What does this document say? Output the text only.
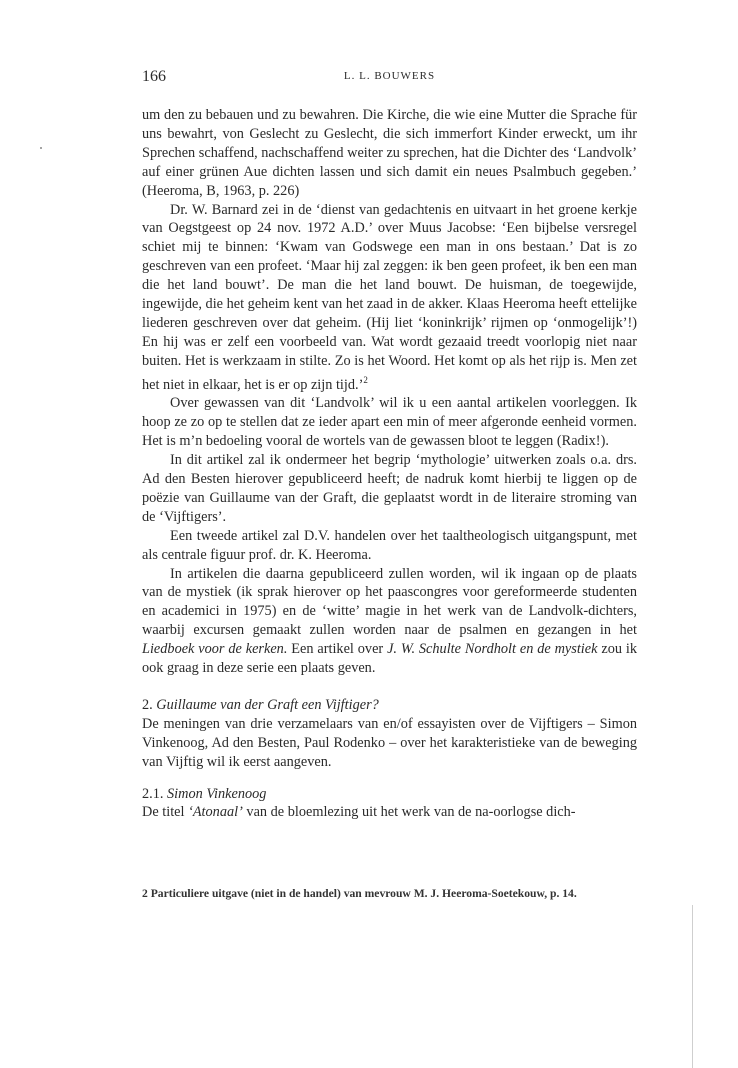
166	L. L. BOUWERS

um den zu bebauen und zu bewahren. Die Kirche, die wie eine Mutter die Sprache für uns bewahrt, von Geslecht zu Geslecht, die sich immerfort Kinder erweckt, um ihr Sprechen schaffend, nachschaffend weiter zu sprechen, hat die Dichter des ‘Landvolk’ auf einer grünen Aue dichten lassen und sich damit ein neues Psalmbuch gegeben.’ (Heeroma, B, 1963, p. 226)

Dr. W. Barnard zei in de ‘dienst van gedachtenis en uitvaart in het groene kerkje van Oegstgeest op 24 nov. 1972 A.D.’ over Muus Jacobse: ‘Een bijbelse versregel schiet mij te binnen: ‘Kwam van Godswege een man in ons bestaan.’ Dat is zo geschreven van een profeet. ‘Maar hij zal zeggen: ik ben geen profeet, ik ben een man die het land bouwt’. De man die het land bouwt. De huisman, de toegewijde, ingewijde, die het geheim kent van het zaad in de akker. Klaas Heeroma heeft ettelijke liederen geschreven over dat geheim. (Hij liet ‘koninkrijk’ rijmen op ‘onmogelijk’!) En hij was er zelf een voorbeeld van. Wat wordt gezaaid treedt voorlopig niet naar buiten. Het is werkzaam in stilte. Zo is het Woord. Het komt op als het rijp is. Men zet het niet in elkaar, het is er op zijn tijd.’$^2$

Over gewassen van dit ‘Landvolk’ wil ik u een aantal artikelen voorleggen. Ik hoop ze zo op te stellen dat ze ieder apart een min of meer afgeronde eenheid vormen. Het is m’n bedoeling vooral de wortels van de gewassen bloot te leggen (Radix!).

In dit artikel zal ik ondermeer het begrip ‘mythologie’ uitwerken zoals o.a. drs. Ad den Besten hierover gepubliceerd heeft; de nadruk komt hierbij te liggen op de poëzie van Guillaume van der Graft, die geplaatst wordt in de literaire stroming van de ‘Vijftigers’.

Een tweede artikel zal D.V. handelen over het taaltheologisch uitgangspunt, met als centrale figuur prof. dr. K. Heeroma.

In artikelen die daarna gepubliceerd zullen worden, wil ik ingaan op de plaats van de mystiek (ik sprak hierover op het paascongres voor gereformeerde studenten en academici in 1975) en de ‘witte’ magie in het werk van de Landvolk-dichters, waarbij excursen gemaakt zullen worden naar de psalmen en gezangen in het Liedboek voor de kerken. Een artikel over J. W. Schulte Nordholt en de mystiek zou ik ook graag in deze serie een plaats geven.

2. Guillaume van der Graft een Vijftiger?

De meningen van drie verzamelaars van en/of essayisten over de Vijftigers – Simon Vinkenoog, Ad den Besten, Paul Rodenko – over het karakteristieke van de beweging van Vijftig wil ik eerst aangeven.

2.1. Simon Vinkenoog

De titel ‘Atonaal’ van de bloemlezing uit het werk van de na-oorlogse dich-

2 Particuliere uitgave (niet in de handel) van mevrouw M. J. Heeroma-Soetekouw, p. 14.
